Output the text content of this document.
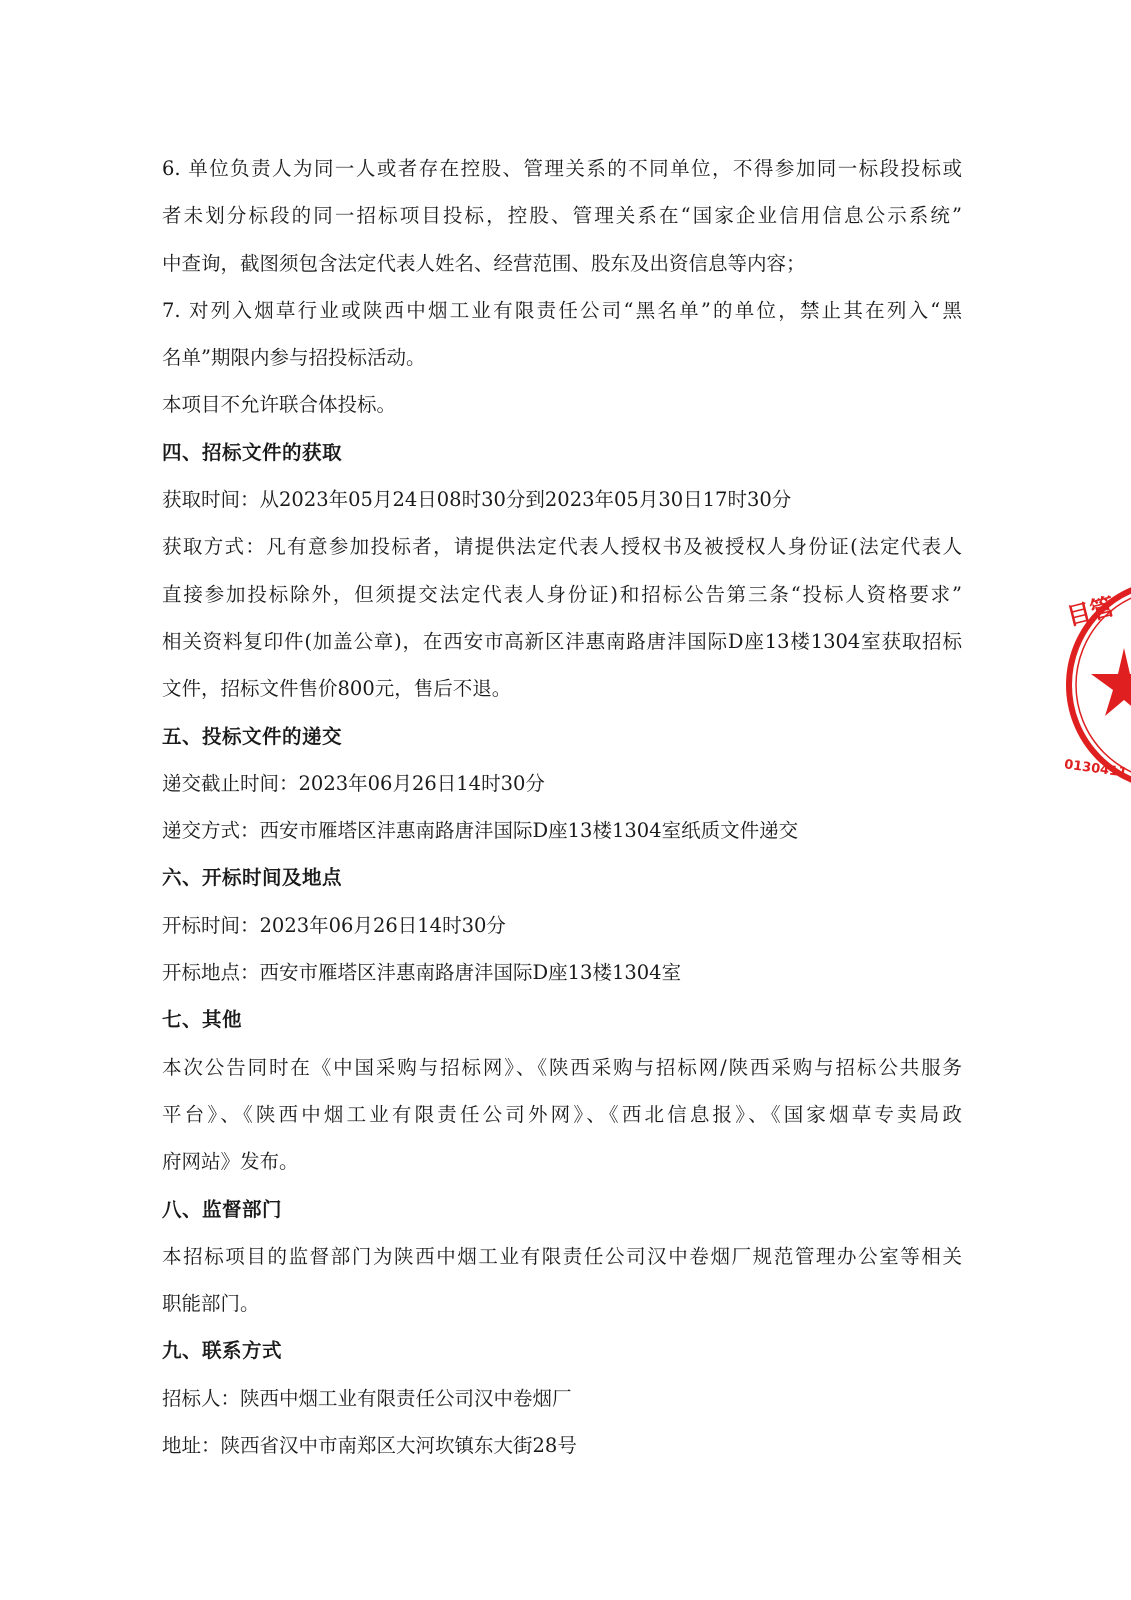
6. 单位负责人为同一人或者存在控股、管理关系的不同单位，不得参加同一标段投标或
者未划分标段的同一招标项目投标，控股、管理关系在“国家企业信用信息公示系统”
中查询，截图须包含法定代表人姓名、经营范围、股东及出资信息等内容；
7. 对列入烟草行业或陕西中烟工业有限责任公司“黑名单”的单位，禁止其在列入“黑
名单”期限内参与招投标活动。
本项目不允许联合体投标。
四、招标文件的获取
获取时间：从2023年05月24日08时30分到2023年05月30日17时30分
获取方式：凡有意参加投标者，请提供法定代表人授权书及被授权人身份证(法定代表人
直接参加投标除外，但须提交法定代表人身份证)和招标公告第三条“投标人资格要求”
相关资料复印件(加盖公章)，在西安市高新区沣惠南路唐沣国际D座13楼1304室获取招标
文件，招标文件售价800元，售后不退。
五、投标文件的递交
递交截止时间：2023年06月26日14时30分
递交方式：西安市雁塔区沣惠南路唐沣国际D座13楼1304室纸质文件递交
六、开标时间及地点
开标时间：2023年06月26日14时30分
开标地点：西安市雁塔区沣惠南路唐沣国际D座13楼1304室
七、其他
本次公告同时在《中国采购与招标网》、《陕西采购与招标网/陕西采购与招标公共服务
平台》、《陕西中烟工业有限责任公司外网》、《西北信息报》、《国家烟草专卖局政
府网站》发布。
八、监督部门
本招标项目的监督部门为陕西中烟工业有限责任公司汉中卷烟厂规范管理办公室等相关
职能部门。
九、联系方式
招标人：陕西中烟工业有限责任公司汉中卷烟厂
地址：陕西省汉中市南郑区大河坎镇东大街28号
目管
0130411
